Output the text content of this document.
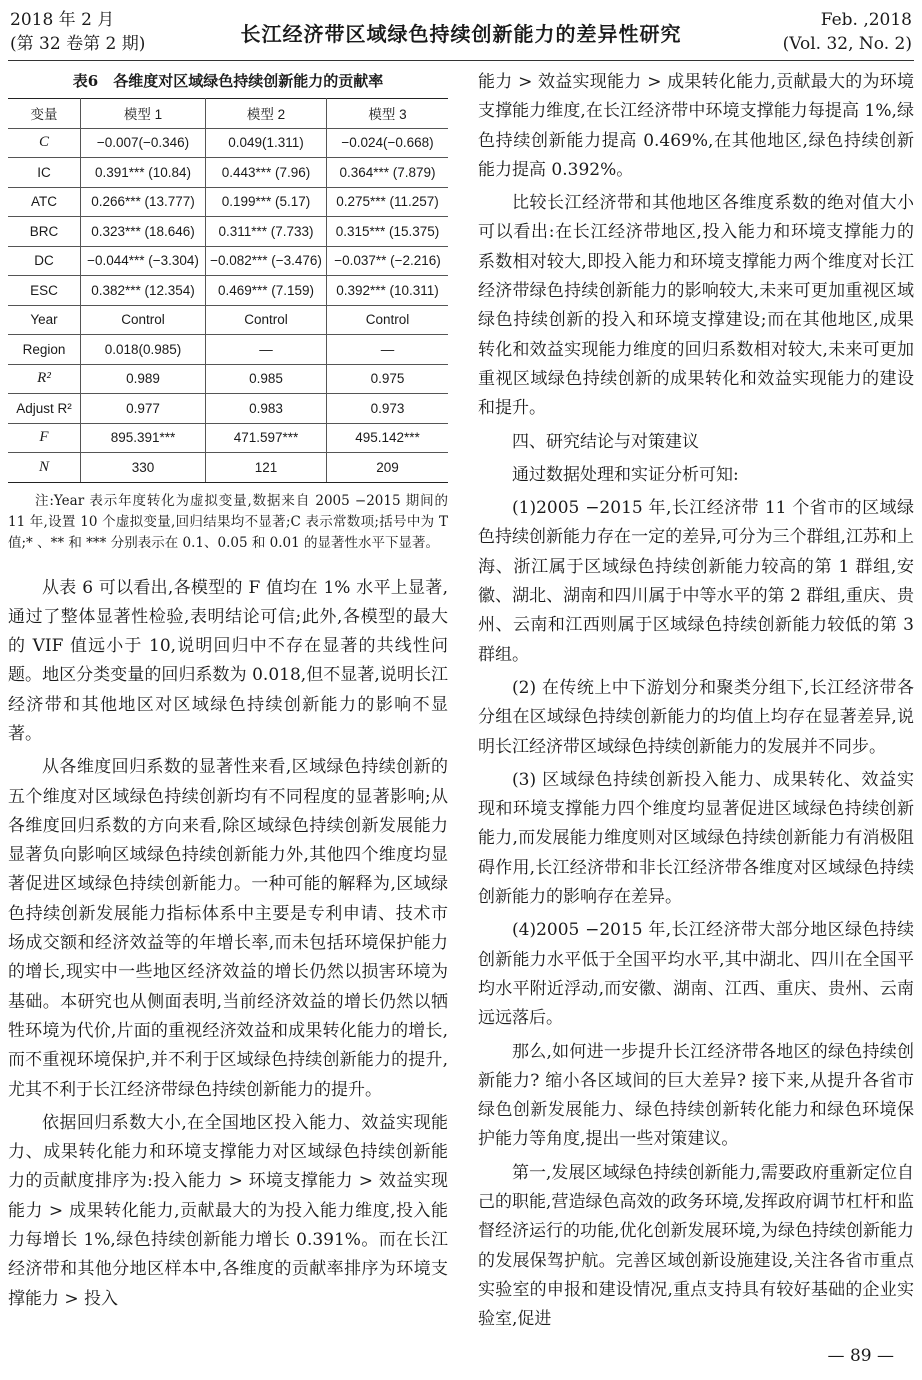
2018 年 2 月
(第 32 卷第 2 期)	长江经济带区域绿色持续创新能力的差异性研究
Feb. ,2018
(Vol. 32, No. 2)
表6　各维度对区域绿色持续创新能力的贡献率
变量	模型 1	模型 2	模型 3
C	−0.007(−0.346)	0.049(1.311)	−0.024(−0.668)
IC	0.391*** (10.84)	0.443*** (7.96)	0.364*** (7.879)
ATC	0.266*** (13.777)	0.199*** (5.17)	0.275*** (11.257)
BRC	0.323*** (18.646)	0.311*** (7.733)	0.315*** (15.375)
DC	−0.044*** (−3.304)	−0.082*** (−3.476)	−0.037** (−2.216)
ESC	0.382*** (12.354)	0.469*** (7.159)	0.392*** (10.311)
Year	Control	Control	Control
Region	0.018(0.985)	—	—
R²	0.989	0.985	0.975
Adjust R²	0.977	0.983	0.973
F	895.391***	471.597***	495.142***
N	330	121	209
注:Year 表示年度转化为虚拟变量,数据来自 2005 −2015 期间的 11 年,设置 10 个虚拟变量,回归结果均不显著;C 表示常数项;括号中为 T 值;* 、** 和 *** 分别表示在 0.1、0.05 和 0.01 的显著性水平下显著。

从表 6 可以看出,各模型的 F 值均在 1% 水平上显著,通过了整体显著性检验,表明结论可信;此外,各模型的最大的 VIF 值远小于 10,说明回归中不存在显著的共线性问题。地区分类变量的回归系数为 0.018,但不显著,说明长江经济带和其他地区对区域绿色持续创新能力的影响不显著。

从各维度回归系数的显著性来看,区域绿色持续创新的五个维度对区域绿色持续创新均有不同程度的显著影响;从各维度回归系数的方向来看,除区域绿色持续创新发展能力显著负向影响区域绿色持续创新能力外,其他四个维度均显著促进区域绿色持续创新能力。一种可能的解释为,区域绿色持续创新发展能力指标体系中主要是专利申请、技术市场成交额和经济效益等的年增长率,而未包括环境保护能力的增长,现实中一些地区经济效益的增长仍然以损害环境为基础。本研究也从侧面表明,当前经济效益的增长仍然以牺牲环境为代价,片面的重视经济效益和成果转化能力的增长,而不重视环境保护,并不利于区域绿色持续创新能力的提升,尤其不利于长江经济带绿色持续创新能力的提升。

依据回归系数大小,在全国地区投入能力、效益实现能力、成果转化能力和环境支撑能力对区域绿色持续创新能力的贡献度排序为:投入能力 > 环境支撑能力 > 效益实现能力 > 成果转化能力,贡献最大的为投入能力维度,投入能力每增长 1%,绿色持续创新能力增长 0.391%。而在长江经济带和其他分地区样本中,各维度的贡献率排序为环境支撑能力 > 投入

能力 > 效益实现能力 > 成果转化能力,贡献最大的为环境支撑能力维度,在长江经济带中环境支撑能力每提高 1%,绿色持续创新能力提高 0.469%,在其他地区,绿色持续创新能力提高 0.392%。

比较长江经济带和其他地区各维度系数的绝对值大小可以看出:在长江经济带地区,投入能力和环境支撑能力的系数相对较大,即投入能力和环境支撑能力两个维度对长江经济带绿色持续创新能力的影响较大,未来可更加重视区域绿色持续创新的投入和环境支撑建设;而在其他地区,成果转化和效益实现能力维度的回归系数相对较大,未来可更加重视区域绿色持续创新的成果转化和效益实现能力的建设和提升。

四、研究结论与对策建议
通过数据处理和实证分析可知:

(1)2005 −2015 年,长江经济带 11 个省市的区域绿色持续创新能力存在一定的差异,可分为三个群组,江苏和上海、浙江属于区域绿色持续创新能力较高的第 1 群组,安徽、湖北、湖南和四川属于中等水平的第 2 群组,重庆、贵州、云南和江西则属于区域绿色持续创新能力较低的第 3 群组。

(2) 在传统上中下游划分和聚类分组下,长江经济带各分组在区域绿色持续创新能力的均值上均存在显著差异,说明长江经济带区域绿色持续创新能力的发展并不同步。

(3) 区域绿色持续创新投入能力、成果转化、效益实现和环境支撑能力四个维度均显著促进区域绿色持续创新能力,而发展能力维度则对区域绿色持续创新能力有消极阻碍作用,长江经济带和非长江经济带各维度对区域绿色持续创新能力的影响存在差异。

(4)2005 −2015 年,长江经济带大部分地区绿色持续创新能力水平低于全国平均水平,其中湖北、四川在全国平均水平附近浮动,而安徽、湖南、江西、重庆、贵州、云南远远落后。

那么,如何进一步提升长江经济带各地区的绿色持续创新能力? 缩小各区域间的巨大差异? 接下来,从提升各省市绿色创新发展能力、绿色持续创新转化能力和绿色环境保护能力等角度,提出一些对策建议。

第一,发展区域绿色持续创新能力,需要政府重新定位自己的职能,营造绿色高效的政务环境,发挥政府调节杠杆和监督经济运行的功能,优化创新发展环境,为绿色持续创新能力的发展保驾护航。完善区域创新设施建设,关注各省市重点实验室的申报和建设情况,重点支持具有较好基础的企业实验室,促进

— 89 —
